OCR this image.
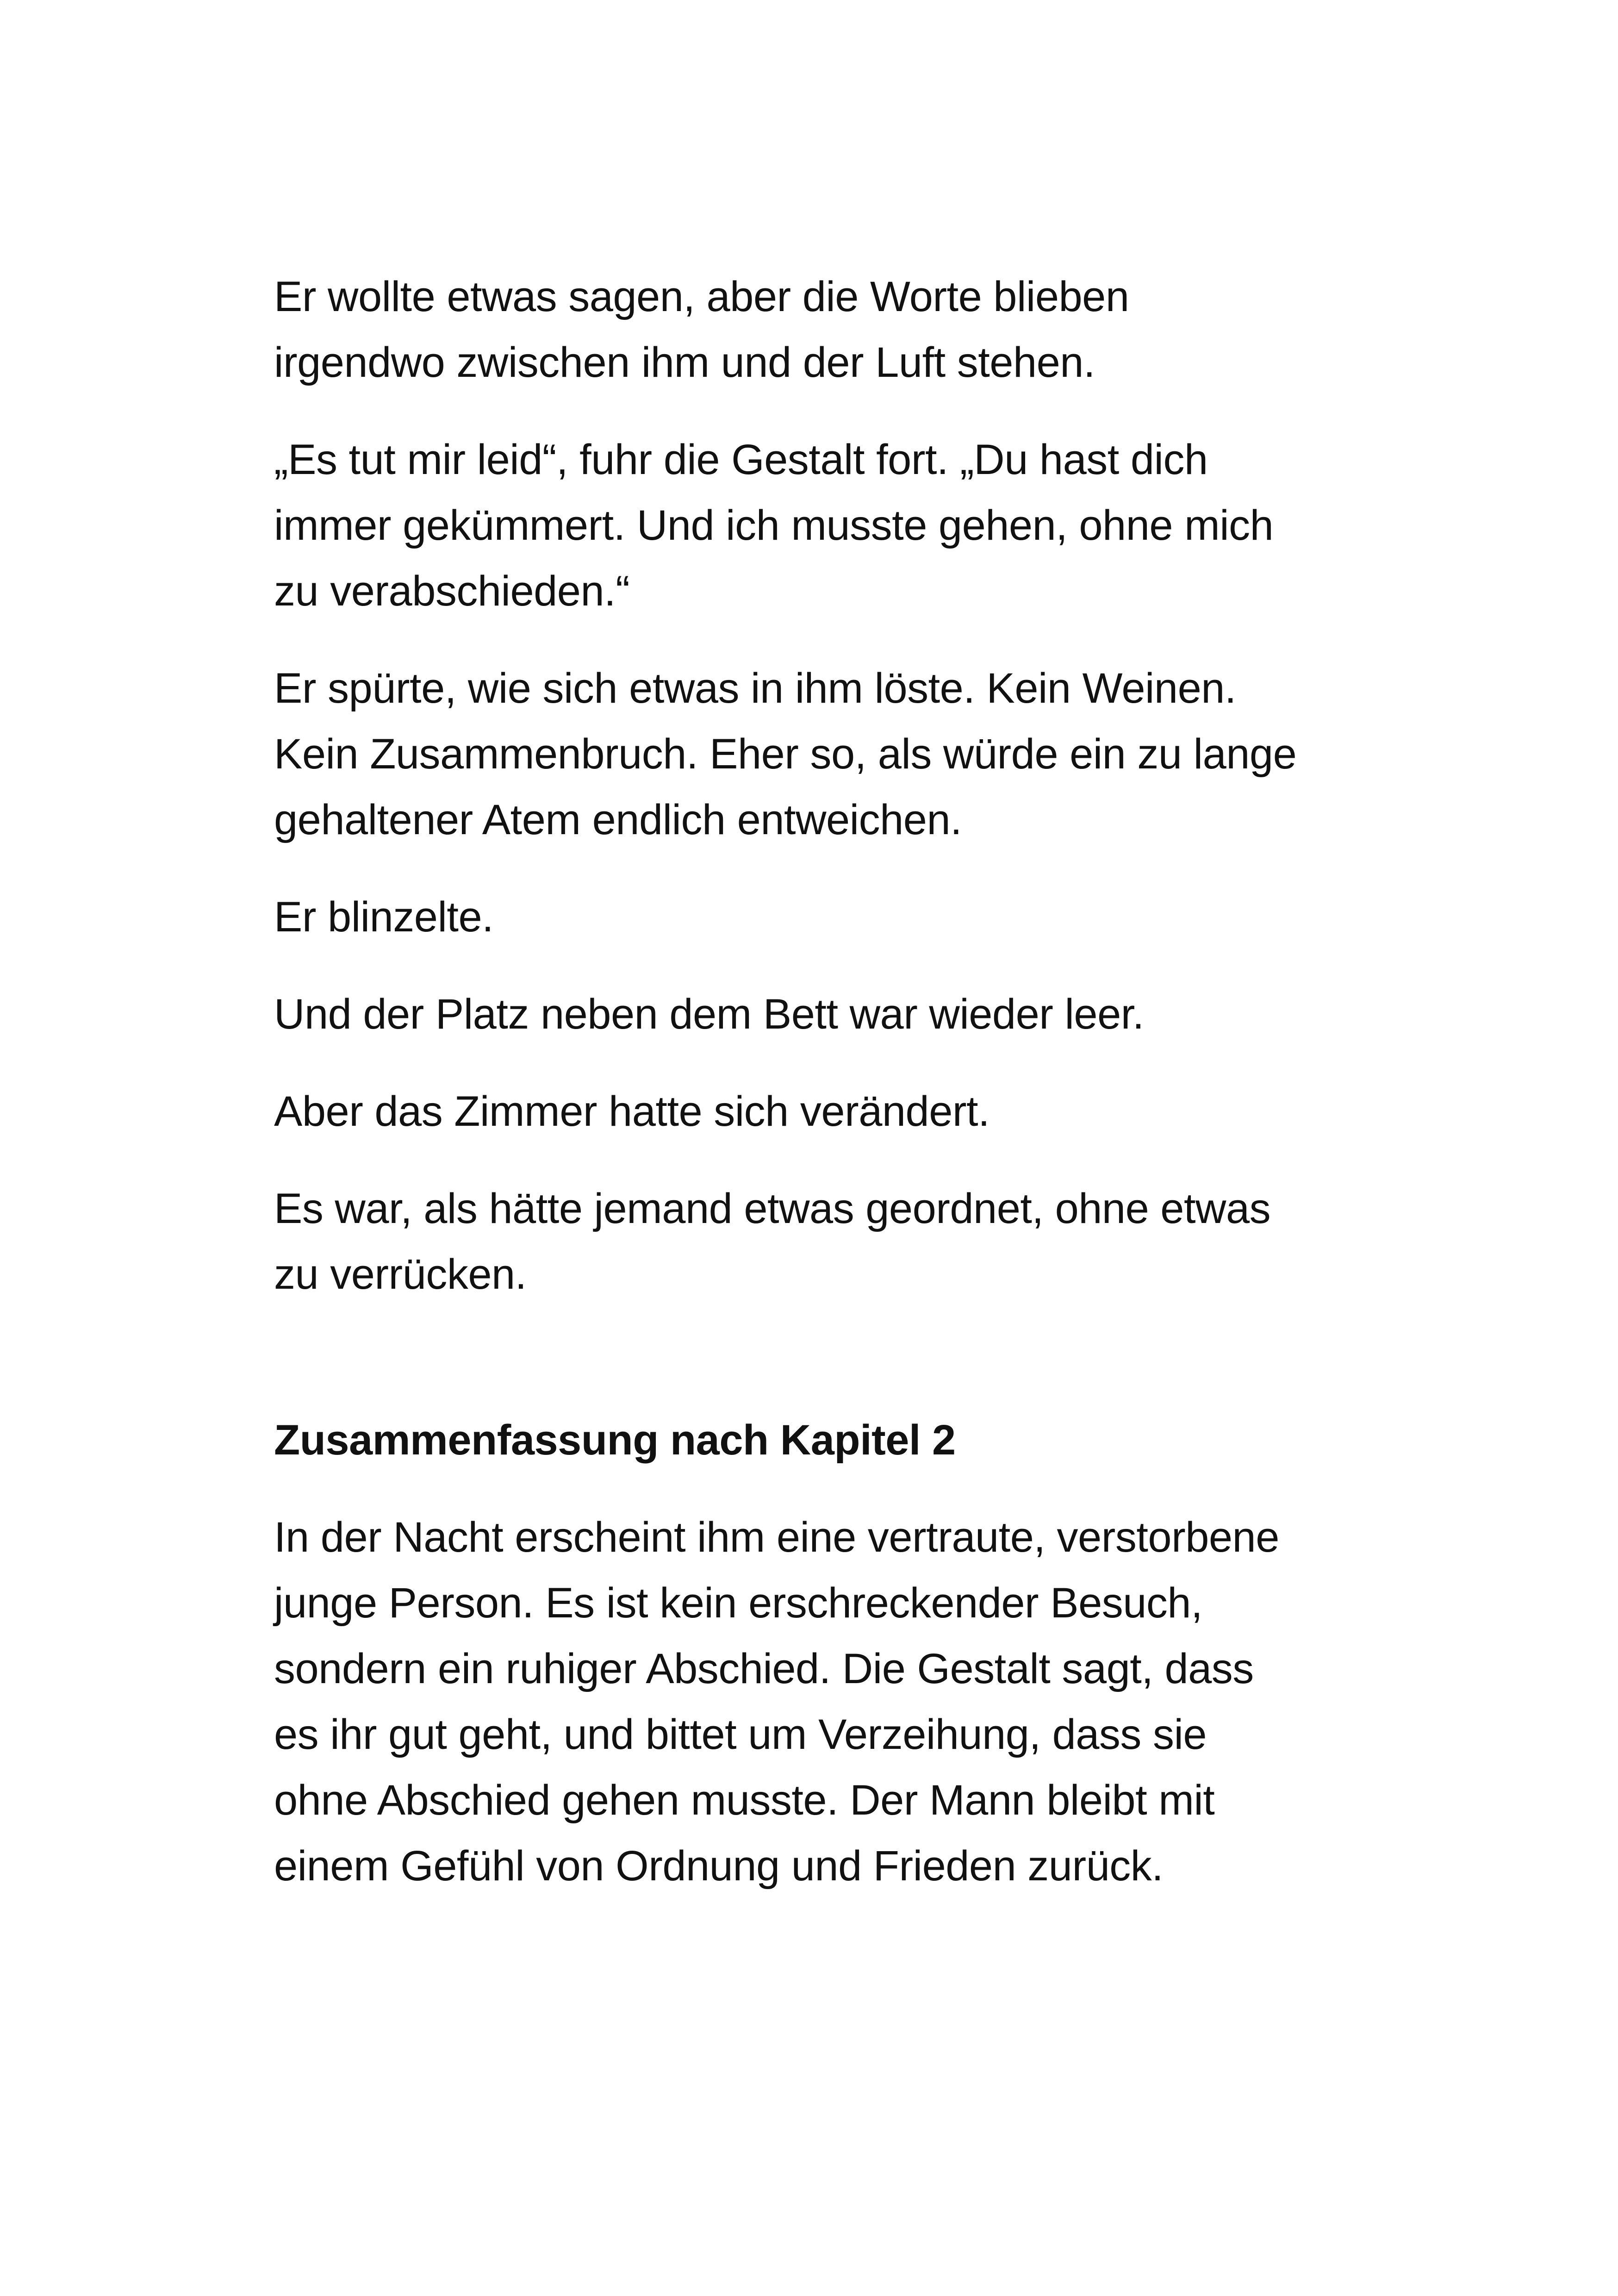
Er wollte etwas sagen, aber die Worte blieben
irgendwo zwischen ihm und der Luft stehen.

„Es tut mir leid“, fuhr die Gestalt fort. „Du hast dich
immer gekümmert. Und ich musste gehen, ohne mich
zu verabschieden.“

Er spürte, wie sich etwas in ihm löste. Kein Weinen.
Kein Zusammenbruch. Eher so, als würde ein zu lange
gehaltener Atem endlich entweichen.

Er blinzelte.

Und der Platz neben dem Bett war wieder leer.

Aber das Zimmer hatte sich verändert.

Es war, als hätte jemand etwas geordnet, ohne etwas
zu verrücken.

Zusammenfassung nach Kapitel 2

In der Nacht erscheint ihm eine vertraute, verstorbene
junge Person. Es ist kein erschreckender Besuch,
sondern ein ruhiger Abschied. Die Gestalt sagt, dass
es ihr gut geht, und bittet um Verzeihung, dass sie
ohne Abschied gehen musste. Der Mann bleibt mit
einem Gefühl von Ordnung und Frieden zurück.
